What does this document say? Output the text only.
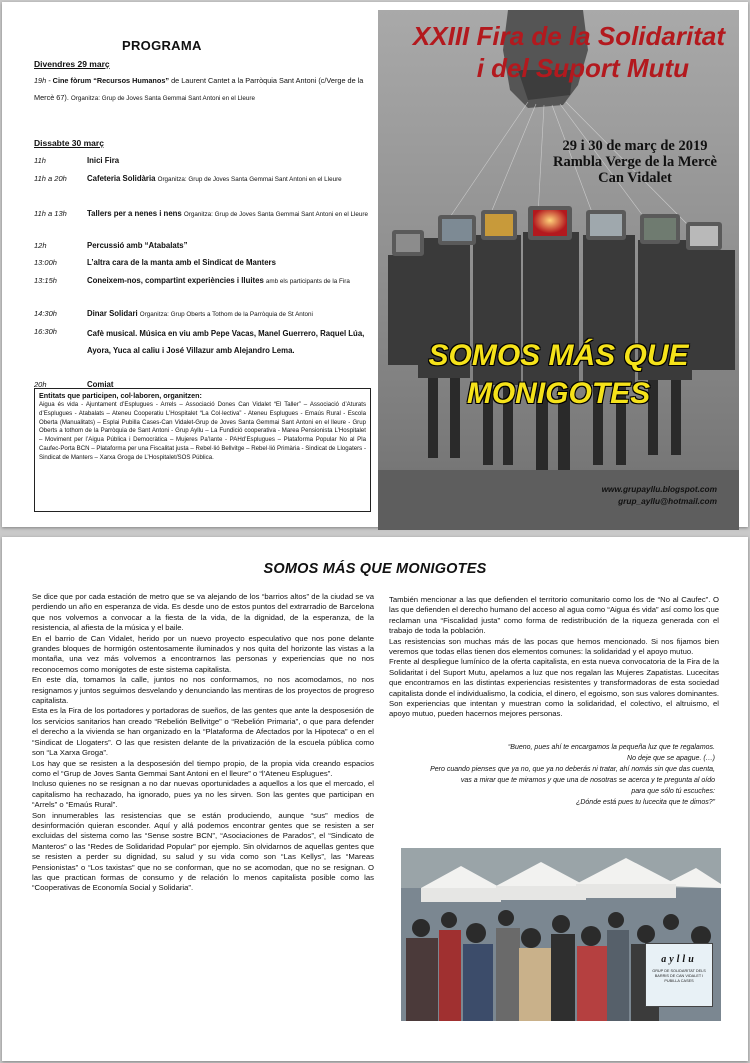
PROGRAMA
Divendres 29 març
19h - Cine fòrum “Recursos Humanos” de Laurent Cantet a la Parròquia Sant Antoni (c/Verge de la Mercè 67). Organitza: Grup de Joves Santa Gemmai Sant Antoni en el Lleure
Dissabte 30 març
11h	Inici Fira
11h a 20h	Cafeteria Solidària Organitza: Grup de Joves Santa Gemmai Sant Antoni en el Lleure
11h a 13h	Tallers per a nenes i nens Organitza: Grup de Joves Santa Gemmai Sant Antoni en el Lleure
12h	Percussió amb “Atabalats”
13:00h	L’altra cara de la manta amb el Sindicat de Manters
13:15h	Coneixem-nos, compartint experiències i lluites amb els participants de la Fira
14:30h	Dinar Solidari Organitza: Grup Oberts a Tothom de la Parròquia de St Antoni
16:30h	Cafè musical. Música en viu amb Pepe Vacas, Manel Guerrero, Raquel Lúa, Ayora, Yuca al caliu i José Villazur amb Alejandro Lema.
20h	Comiat
Entitats que participen, col·laboren, organitzen:
Aigua és vida - Ajuntament d’Esplugues - Arrels – Associació Dones Can Vidalet “El Taller” – Associació d’Aturats d’Esplugues - Atabalats – Ateneu Cooperatiu L’Hospitalet “La Col·lectiva” - Ateneu Esplugues - Emaús Rural - Escola Oberta (Manualitats) – Esplai Pubilla Cases-Can Vidalet-Grup de Joves Santa Gemmai Sant Antoni en el lleure - Grup Oberts a tothom de la Parròquia de Sant Antoni - Grup Ayllu – La Fundició cooperativa - Marea Pensionista L’Hospitalet – Moviment per l’Aigua Pública i Democràtica – Mujeres Pa’lante - PAHd’Esplugues – Plataforma Popular No al Pla Caufec-Porta BCN – Plataforma per una Fiscalitat justa – Rebel·lió Bellvitge – Rebel·lió Primària - Sindicat de Llogaters - Sindicat de Manters – Xarxa Groga de L’Hospitalet/SOS Pública.
XXIII Fira de la Solidaritat
i del Suport Mutu
29 i 30 de març de 2019
Rambla Verge de la Mercè
Can Vidalet
SOMOS MÁS QUE
MONIGOTES
www.grupayllu.blogspot.com
grup_ayllu@hotmail.com
SOMOS MÁS QUE MONIGOTES

Se dice que por cada estación de metro que se va alejando de los “barrios altos” de la ciudad se va perdiendo un año en esperanza de vida. Es desde uno de estos puntos del extrarradio de Barcelona que nos volvemos a convocar a la fiesta de la vida, de la dignidad, de la esperanza, de la resistencia, al afiesta de la música y el baile.

En el barrio de Can Vidalet, herido por un nuevo proyecto especulativo que nos pone delante grandes bloques de hormigón ostentosamente iluminados y nos quita del horizonte las vistas a la montaña, una vez más volvemos a encontrarnos las personas y experiencias que no nos reconocemos como monigotes de este sistema capitalista.

En este día, tomamos la calle, juntos no nos conformamos, no nos acomodamos, no nos resignamos y juntos seguimos desvelando y denunciando las mentiras de los proyectos de progreso capitalista.

Esta es la Fira de los portadores y portadoras de sueños, de las gentes que ante la desposesión de los servicios sanitarios han creado “Rebelión Bellvitge” o “Rebelión Primaria”, o que para defender el derecho a la vivienda se han organizado en la “Plataforma de Afectados por la Hipoteca” o en el “Sindicat de Llogaters”. O las que resisten delante de la privatización de la escuela pública como son “La Xarxa Groga”.

Los hay que se resisten a la desposesión del tiempo propio, de la propia vida creando espacios como el “Grup de Joves Santa Gemmai Sant Antoni en el lleure” o “l’Ateneu Esplugues”.

Incluso quienes no se resignan a no dar nuevas oportunidades a aquellos a los que el mercado, el capitalismo ha rechazado, ha ignorado, pues ya no les sirven. Son las gentes que participan en “Arrels” o “Emaús Rural”.

Son innumerables las resistencias que se están produciendo, aunque “sus” medios de desinformación quieran esconder. Aquí y allá podemos encontrar gentes que se resisten a ser excluidas del sistema como las “Sense sostre BCN”, “Asociaciones de Parados”, el “Sindicato de Manteros” o las “Redes de Solidaridad Popular” por ejemplo. Sin olvidarnos de aquellas gentes que se resisten a perder su dignidad, su salud y su vida como son “Las Kellys”, las “Mareas Pensionistas” o “Los taxistas” que no se conforman, que no se acomodan, que no se resignan. O las que practican formas de consumo y de relación lo menos capitalista posible como las “Cooperativas de Economía Social y Solidaria”.

También mencionar a las que defienden el territorio comunitario como los de “No al Caufec”. O las que defienden el derecho humano del acceso al agua como “Aigua és vida” así como los que reclaman una “Fiscalidad justa” como forma de redistribución de la riqueza generada con el trabajo de toda la población.

Las resistencias son muchas más de las pocas que hemos mencionado. Si nos fijamos bien veremos que todas ellas tienen dos elementos comunes: la solidaridad y el apoyo mutuo.

Frente al despliegue lumínico de la oferta capitalista, en esta nueva convocatoria de la Fira de la Solidaritat i del Suport Mutu, apelamos a luz que nos regalan las Mujeres Zapatistas. Lucecitas que encontramos en las distintas experiencias resistentes y transformadoras de esta sociedad capitalista donde el individualismo, la codicia, el dinero, el egoismo, son sus valores dominantes. Son experiencias que intentan y muestran como la solidaridad, el colectivo, el altruismo, el apoyo mutuo, pueden hacernos mejores personas.

“Bueno, pues ahí te encargamos la pequeña luz que te regalamos.
No deje que se apague. (…)
Pero cuando pienses que ya no, que ya no deberás ni tratar, ahí nomás sin que das cuenta,
vas a mirar que te miramos y que una de nosotras se acerca y te pregunta al oído
para que sólo tú escuches:
¿Dónde está pues tu lucecita que te dimos?”
ayllu
GRUP DE SOLIDARITAT DELS BARRIS DE CAN VIDALET I PUBILLA CASES
